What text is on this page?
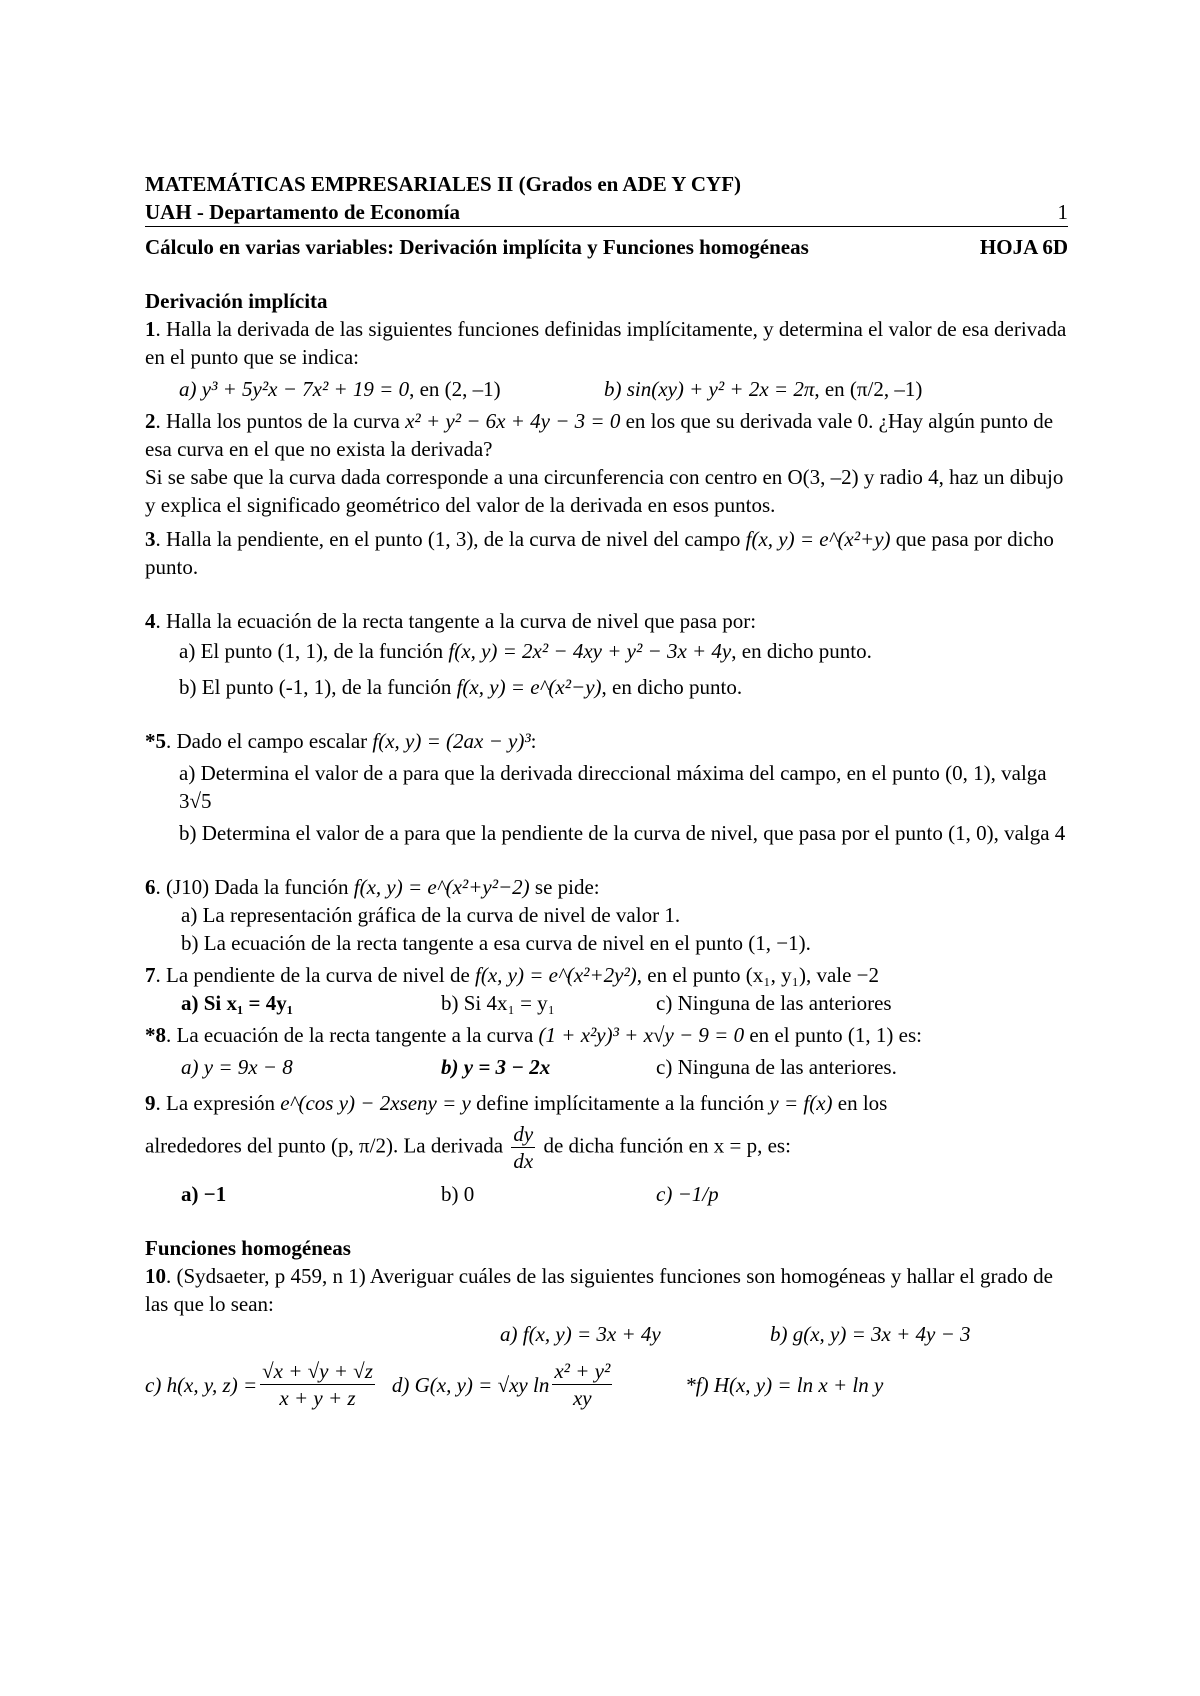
MATEMÁTICAS EMPRESARIALES II (Grados en ADE Y CYF)
UAH - Departamento de Economía	1
Cálculo en varias variables: Derivación implícita y Funciones homogéneas	HOJA 6D
Derivación implícita
1. Halla la derivada de las siguientes funciones definidas implícitamente, y determina el valor de esa derivada en el punto que se indica:
a) y³ + 5y²x − 7x² + 19 = 0, en (2, –1)	b) sin(xy) + y² + 2x = 2π, en (π/2, –1)
2. Halla los puntos de la curva x² + y² − 6x + 4y − 3 = 0 en los que su derivada vale 0. ¿Hay algún punto de esa curva en el que no exista la derivada?
Si se sabe que la curva dada corresponde a una circunferencia con centro en O(3, –2) y radio 4, haz un dibujo y explica el significado geométrico del valor de la derivada en esos puntos.
3. Halla la pendiente, en el punto (1, 3), de la curva de nivel del campo f(x, y) = e^(x²+y) que pasa por dicho punto.
4. Halla la ecuación de la recta tangente a la curva de nivel que pasa por:
a) El punto (1, 1), de la función f(x, y) = 2x² − 4xy + y² − 3x + 4y, en dicho punto.
b) El punto (-1, 1), de la función f(x, y) = e^(x²−y), en dicho punto.
*5. Dado el campo escalar f(x, y) = (2ax − y)³:
a) Determina el valor de a para que la derivada direccional máxima del campo, en el punto (0, 1), valga 3√5
b) Determina el valor de a para que la pendiente de la curva de nivel, que pasa por el punto (1, 0), valga 4
6. (J10) Dada la función f(x, y) = e^(x²+y²−2) se pide:
a) La representación gráfica de la curva de nivel de valor 1.
b) La ecuación de la recta tangente a esa curva de nivel en el punto (1, −1).
7. La pendiente de la curva de nivel de f(x, y) = e^(x²+2y²), en el punto (x₁, y₁), vale −2
a) Si x₁ = 4y₁	b) Si 4x₁ = y₁	c) Ninguna de las anteriores
*8. La ecuación de la recta tangente a la curva (1 + x²y)³ + x√y − 9 = 0 en el punto (1, 1) es:
a) y = 9x − 8	b) y = 3 − 2x	c) Ninguna de las anteriores.
9. La expresión e^(cos y) − 2xseny = y define implícitamente a la función y = f(x) en los
alrededores del punto (p, π/2). La derivada $\frac{dy}{dx}$ de dicha función en x = p, es:
a) −1	b) 0	c) −1/p
Funciones homogéneas
10. (Sydsaeter, p 459, n 1) Averiguar cuáles de las siguientes funciones son homogéneas y hallar el grado de las que lo sean:
a) f(x, y) = 3x + 4y	b) g(x, y) = 3x + 4y − 3
c) h(x, y, $z) = \frac{√x + √y + √z}{x + y + z} d$) G(x, y) = √xy $\ln \frac{\text{x² + y²}}{xy}$	*f) H(x, y) = ln x + ln y
